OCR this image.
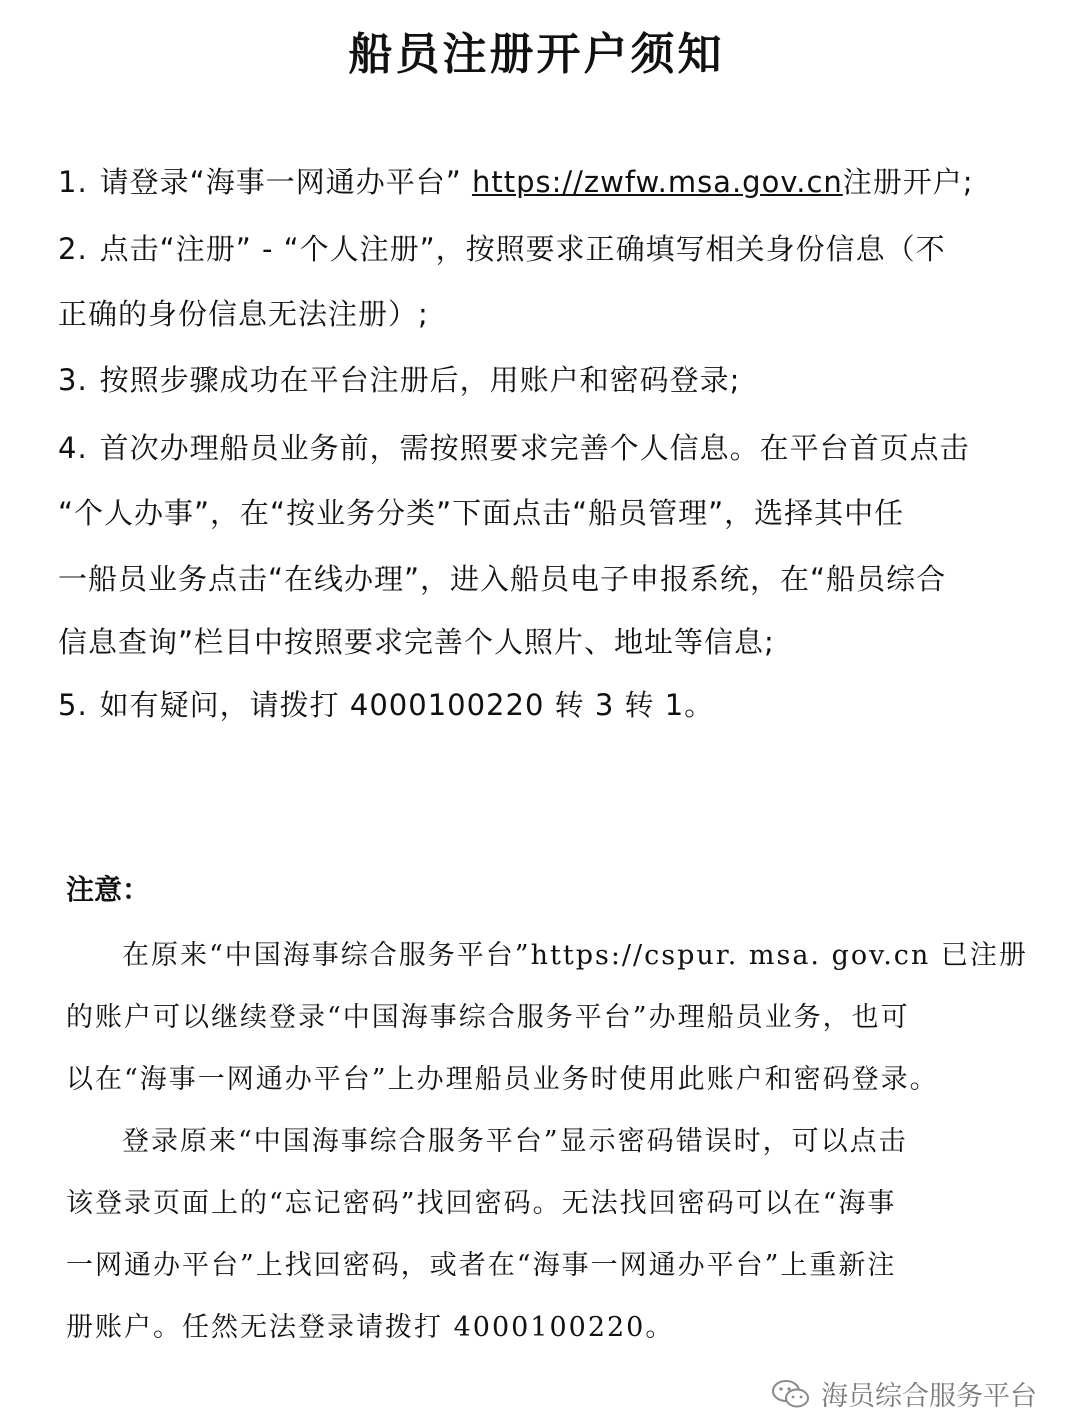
船员注册开户须知

1. 请登录“海事一网通办平台” https://zwfw.msa.gov.cn注册开户;

2. 点击“注册” - “个人注册”，按照要求正确填写相关身份信息（不

正确的身份信息无法注册）;

3. 按照步骤成功在平台注册后，用账户和密码登录;

4. 首次办理船员业务前，需按照要求完善个人信息。在平台首页点击

“个人办事”，在“按业务分类”下面点击“船员管理”，选择其中任

一船员业务点击“在线办理”，进入船员电子申报系统，在“船员综合

信息查询”栏目中按照要求完善个人照片、地址等信息;

5. 如有疑问，请拨打 4000100220 转 3 转 1。

注意：

在原来“中国海事综合服务平台”https://cspur. msa. gov.cn 已注册

的账户可以继续登录“中国海事综合服务平台”办理船员业务，也可

以在“海事一网通办平台”上办理船员业务时使用此账户和密码登录。

登录原来“中国海事综合服务平台”显示密码错误时，可以点击

该登录页面上的“忘记密码”找回密码。无法找回密码可以在“海事

一网通办平台”上找回密码，或者在“海事一网通办平台”上重新注

册账户。任然无法登录请拨打 4000100220。

海员综合服务平台
